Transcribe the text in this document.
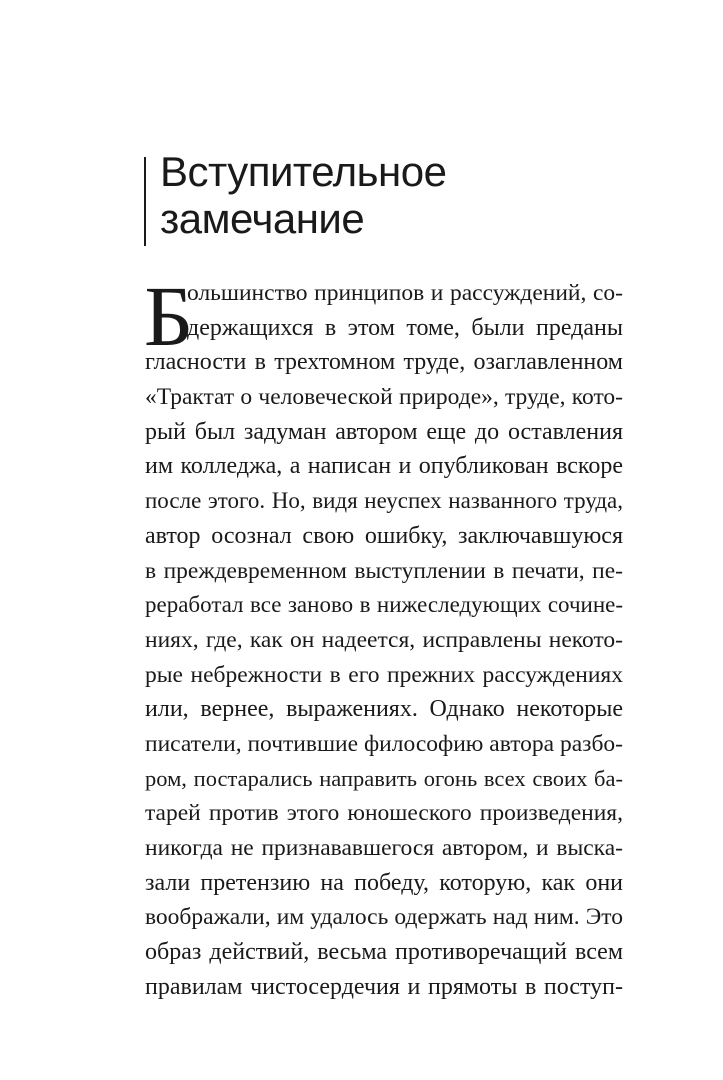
Вступительное
замечание
Б
ольшинство принципов и рассуждений, со-
держащихся в этом томе, были преданы
гласности в трехтомном труде, озаглавленном
«Трактат о человеческой природе», труде, кото-
рый был задуман автором еще до оставления
им колледжа, а написан и опубликован вскоре
после этого. Но, видя неуспех названного труда,
автор осознал свою ошибку, заключавшуюся
в преждевременном выступлении в печати, пе-
реработал все заново в нижеследующих сочине-
ниях, где, как он надеется, исправлены некото-
рые небрежности в его прежних рассуждениях
или, вернее, выражениях. Однако некоторые
писатели, почтившие философию автора разбо-
ром, постарались направить огонь всех своих ба-
тарей против этого юношеского произведения,
никогда не признававшегося автором, и выска-
зали претензию на победу, которую, как они
воображали, им удалось одержать над ним. Это
образ действий, весьма противоречащий всем
правилам чистосердечия и прямоты в поступ-
